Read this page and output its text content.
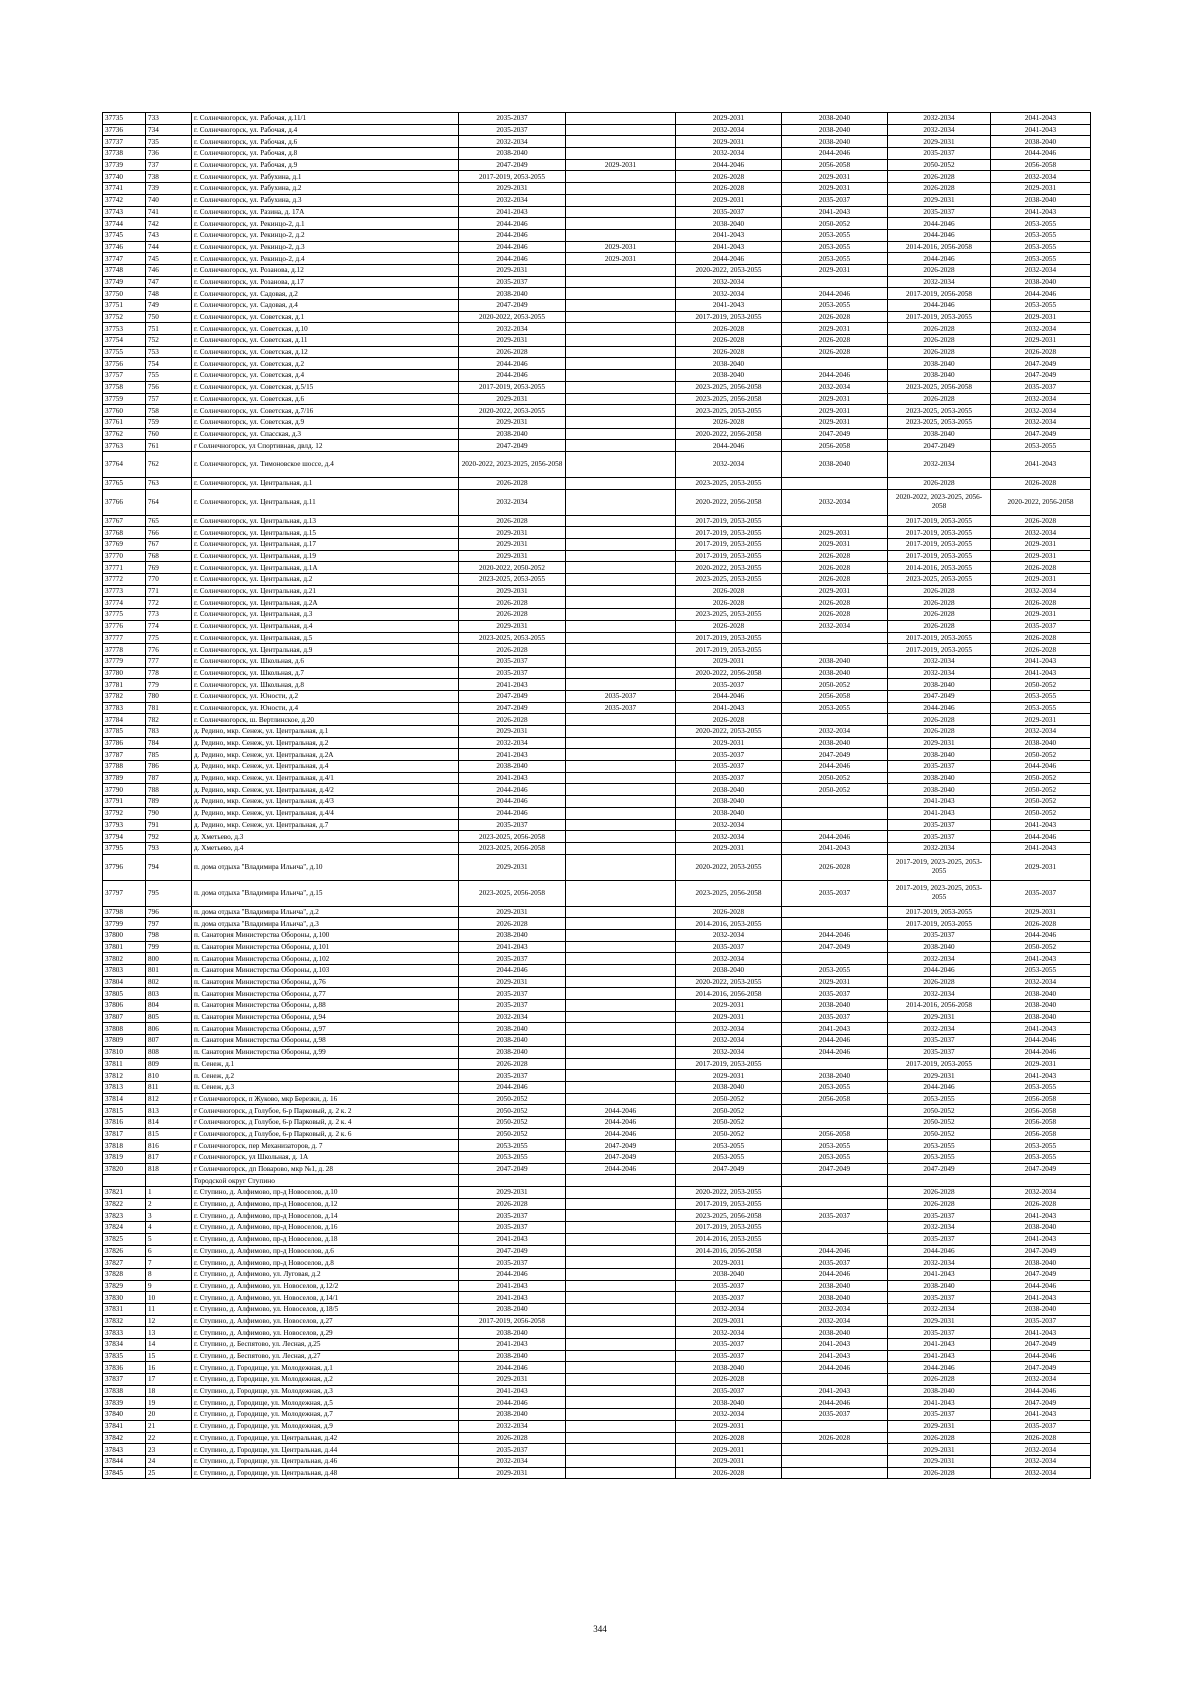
37735	733	г. Солнечногорск, ул. Рабочая, д.11/1	2035-2037		2029-2031	2038-2040	2032-2034	2041-2043
37736	734	г. Солнечногорск, ул. Рабочая, д.4	2035-2037		2032-2034	2038-2040	2032-2034	2041-2043
37737	735	г. Солнечногорск, ул. Рабочая, д.6	2032-2034		2029-2031	2038-2040	2029-2031	2038-2040
37738	736	г. Солнечногорск, ул. Рабочая, д.8	2038-2040		2032-2034	2044-2046	2035-2037	2044-2046
37739	737	г. Солнечногорск, ул. Рабочая, д.9	2047-2049	2029-2031	2044-2046	2056-2058	2050-2052	2056-2058
37740	738	г. Солнечногорск, ул. Рабухина, д.1	2017-2019, 2053-2055		2026-2028	2029-2031	2026-2028	2032-2034
37741	739	г. Солнечногорск, ул. Рабухина, д.2	2029-2031		2026-2028	2029-2031	2026-2028	2029-2031
37742	740	г. Солнечногорск, ул. Рабухина, д.3	2032-2034		2029-2031	2035-2037	2029-2031	2038-2040
37743	741	г. Солнечногорск, ул. Разина, д. 17А	2041-2043		2035-2037	2041-2043	2035-2037	2041-2043
37744	742	г. Солнечногорск, ул. Рекинцо-2, д.1	2044-2046		2038-2040	2050-2052	2044-2046	2053-2055
37745	743	г. Солнечногорск, ул. Рекинцо-2, д.2	2044-2046		2041-2043	2053-2055	2044-2046	2053-2055
37746	744	г. Солнечногорск, ул. Рекинцо-2, д.3	2044-2046	2029-2031	2041-2043	2053-2055	2014-2016, 2056-2058	2053-2055
37747	745	г. Солнечногорск, ул. Рекинцо-2, д.4	2044-2046	2029-2031	2044-2046	2053-2055	2044-2046	2053-2055
37748	746	г. Солнечногорск, ул. Розанова, д.12	2029-2031		2020-2022, 2053-2055	2029-2031	2026-2028	2032-2034
37749	747	г. Солнечногорск, ул. Розанова, д.17	2035-2037		2032-2034		2032-2034	2038-2040
37750	748	г. Солнечногорск, ул. Садовая, д.2	2038-2040		2032-2034	2044-2046	2017-2019, 2056-2058	2044-2046
37751	749	г. Солнечногорск, ул. Садовая, д.4	2047-2049		2041-2043	2053-2055	2044-2046	2053-2055
37752	750	г. Солнечногорск, ул. Советская, д.1	2020-2022, 2053-2055		2017-2019, 2053-2055	2026-2028	2017-2019, 2053-2055	2029-2031
37753	751	г. Солнечногорск, ул. Советская, д.10	2032-2034		2026-2028	2029-2031	2026-2028	2032-2034
37754	752	г. Солнечногорск, ул. Советская, д.11	2029-2031		2026-2028	2026-2028	2026-2028	2029-2031
37755	753	г. Солнечногорск, ул. Советская, д.12	2026-2028		2026-2028	2026-2028	2026-2028	2026-2028
37756	754	г. Солнечногорск, ул. Советская, д.2	2044-2046		2038-2040		2038-2040	2047-2049
37757	755	г. Солнечногорск, ул. Советская, д.4	2044-2046		2038-2040	2044-2046	2038-2040	2047-2049
37758	756	г. Солнечногорск, ул. Советская, д.5/15	2017-2019, 2053-2055		2023-2025, 2056-2058	2032-2034	2023-2025, 2056-2058	2035-2037
37759	757	г. Солнечногорск, ул. Советская, д.6	2029-2031		2023-2025, 2056-2058	2029-2031	2026-2028	2032-2034
37760	758	г. Солнечногорск, ул. Советская, д.7/16	2020-2022, 2053-2055		2023-2025, 2053-2055	2029-2031	2023-2025, 2053-2055	2032-2034
37761	759	г. Солнечногорск, ул. Советская, д.9	2029-2031		2026-2028	2029-2031	2023-2025, 2053-2055	2032-2034
37762	760	г. Солнечногорск, ул. Спасская, д.3	2038-2040		2020-2022, 2056-2058	2047-2049	2038-2040	2047-2049
37763	761	г Солнечногорск, ул Спортивная, двлд. 12	2047-2049		2044-2046	2056-2058	2047-2049	2053-2055
37764	762	г. Солнечногорск, ул. Тимоновское шоссе, д.4	2020-2022, 2023-2025, 2056-2058		2032-2034	2038-2040	2032-2034	2041-2043
37765	763	г. Солнечногорск, ул. Центральная, д.1	2026-2028		2023-2025, 2053-2055		2026-2028	2026-2028
37766	764	г. Солнечногорск, ул. Центральная, д.11	2032-2034		2020-2022, 2056-2058	2032-2034	2020-2022, 2023-2025, 2056-2058	2020-2022, 2056-2058
37767	765	г. Солнечногорск, ул. Центральная, д.13	2026-2028		2017-2019, 2053-2055		2017-2019, 2053-2055	2026-2028
37768	766	г. Солнечногорск, ул. Центральная, д.15	2029-2031		2017-2019, 2053-2055	2029-2031	2017-2019, 2053-2055	2032-2034
37769	767	г. Солнечногорск, ул. Центральная, д.17	2029-2031		2017-2019, 2053-2055	2029-2031	2017-2019, 2053-2055	2029-2031
37770	768	г. Солнечногорск, ул. Центральная, д.19	2029-2031		2017-2019, 2053-2055	2026-2028	2017-2019, 2053-2055	2029-2031
37771	769	г. Солнечногорск, ул. Центральная, д.1А	2020-2022, 2050-2052		2020-2022, 2053-2055	2026-2028	2014-2016, 2053-2055	2026-2028
37772	770	г. Солнечногорск, ул. Центральная, д.2	2023-2025, 2053-2055		2023-2025, 2053-2055	2026-2028	2023-2025, 2053-2055	2029-2031
37773	771	г. Солнечногорск, ул. Центральная, д.21	2029-2031		2026-2028	2029-2031	2026-2028	2032-2034
37774	772	г. Солнечногорск, ул. Центральная, д.2А	2026-2028		2026-2028	2026-2028	2026-2028	2026-2028
37775	773	г. Солнечногорск, ул. Центральная, д.3	2026-2028		2023-2025, 2053-2055	2026-2028	2026-2028	2029-2031
37776	774	г. Солнечногорск, ул. Центральная, д.4	2029-2031		2026-2028	2032-2034	2026-2028	2035-2037
37777	775	г. Солнечногорск, ул. Центральная, д.5	2023-2025, 2053-2055		2017-2019, 2053-2055		2017-2019, 2053-2055	2026-2028
37778	776	г. Солнечногорск, ул. Центральная, д.9	2026-2028		2017-2019, 2053-2055		2017-2019, 2053-2055	2026-2028
37779	777	г. Солнечногорск, ул. Школьная, д.6	2035-2037		2029-2031	2038-2040	2032-2034	2041-2043
37780	778	г. Солнечногорск, ул. Школьная, д.7	2035-2037		2020-2022, 2056-2058	2038-2040	2032-2034	2041-2043
37781	779	г. Солнечногорск, ул. Школьная, д.8	2041-2043		2035-2037	2050-2052	2038-2040	2050-2052
37782	780	г. Солнечногорск, ул. Юности, д.2	2047-2049	2035-2037	2044-2046	2056-2058	2047-2049	2053-2055
37783	781	г. Солнечногорск, ул. Юности, д.4	2047-2049	2035-2037	2041-2043	2053-2055	2044-2046	2053-2055
37784	782	г. Солнечногорск, ш. Вертлинское, д.20	2026-2028		2026-2028		2026-2028	2029-2031
37785	783	д. Редино, мкр. Сенеж, ул. Центральная, д.1	2029-2031		2020-2022, 2053-2055	2032-2034	2026-2028	2032-2034
37786	784	д. Редино, мкр. Сенеж, ул. Центральная, д.2	2032-2034		2029-2031	2038-2040	2029-2031	2038-2040
37787	785	д. Редино, мкр. Сенеж, ул. Центральная, д.2А	2041-2043		2035-2037	2047-2049	2038-2040	2050-2052
37788	786	д. Редино, мкр. Сенеж, ул. Центральная, д.4	2038-2040		2035-2037	2044-2046	2035-2037	2044-2046
37789	787	д. Редино, мкр. Сенеж, ул. Центральная, д.4/1	2041-2043		2035-2037	2050-2052	2038-2040	2050-2052
37790	788	д. Редино, мкр. Сенеж, ул. Центральная, д.4/2	2044-2046		2038-2040	2050-2052	2038-2040	2050-2052
37791	789	д. Редино, мкр. Сенеж, ул. Центральная, д.4/3	2044-2046		2038-2040		2041-2043	2050-2052
37792	790	д. Редино, мкр. Сенеж, ул. Центральная, д.4/4	2044-2046		2038-2040		2041-2043	2050-2052
37793	791	д. Редино, мкр. Сенеж, ул. Центральная, д.7	2035-2037		2032-2034		2035-2037	2041-2043
37794	792	д. Хметьево, д.3	2023-2025, 2056-2058		2032-2034	2044-2046	2035-2037	2044-2046
37795	793	д. Хметьево, д.4	2023-2025, 2056-2058		2029-2031	2041-2043	2032-2034	2041-2043
37796	794	п. дома отдыха "Владимира Ильича", д.10	2029-2031		2020-2022, 2053-2055	2026-2028	2017-2019, 2023-2025, 2053-2055	2029-2031
37797	795	п. дома отдыха "Владимира Ильича", д.15	2023-2025, 2056-2058		2023-2025, 2056-2058	2035-2037	2017-2019, 2023-2025, 2053-2055	2035-2037
37798	796	п. дома отдыха "Владимира Ильича", д.2	2029-2031		2026-2028		2017-2019, 2053-2055	2029-2031
37799	797	п. дома отдыха "Владимира Ильича", д.3	2026-2028		2014-2016, 2053-2055		2017-2019, 2053-2055	2026-2028
37800	798	п. Санатория Министерства Обороны, д.100	2038-2040		2032-2034	2044-2046	2035-2037	2044-2046
37801	799	п. Санатория Министерства Обороны, д.101	2041-2043		2035-2037	2047-2049	2038-2040	2050-2052
37802	800	п. Санатория Министерства Обороны, д.102	2035-2037		2032-2034		2032-2034	2041-2043
37803	801	п. Санатория Министерства Обороны, д.103	2044-2046		2038-2040	2053-2055	2044-2046	2053-2055
37804	802	п. Санатория Министерства Обороны, д.76	2029-2031		2020-2022, 2053-2055	2029-2031	2026-2028	2032-2034
37805	803	п. Санатория Министерства Обороны, д.77	2035-2037		2014-2016, 2056-2058	2035-2037	2032-2034	2038-2040
37806	804	п. Санатория Министерства Обороны, д.88	2035-2037		2029-2031	2038-2040	2014-2016, 2056-2058	2038-2040
37807	805	п. Санатория Министерства Обороны, д.94	2032-2034		2029-2031	2035-2037	2029-2031	2038-2040
37808	806	п. Санатория Министерства Обороны, д.97	2038-2040		2032-2034	2041-2043	2032-2034	2041-2043
37809	807	п. Санатория Министерства Обороны, д.98	2038-2040		2032-2034	2044-2046	2035-2037	2044-2046
37810	808	п. Санатория Министерства Обороны, д.99	2038-2040		2032-2034	2044-2046	2035-2037	2044-2046
37811	809	п. Сенеж, д.1	2026-2028		2017-2019, 2053-2055		2017-2019, 2053-2055	2029-2031
37812	810	п. Сенеж, д.2	2035-2037		2029-2031	2038-2040	2029-2031	2041-2043
37813	811	п. Сенеж, д.3	2044-2046		2038-2040	2053-2055	2044-2046	2053-2055
37814	812	г Солнечногорск, п Жуково, мкр Березки, д. 16	2050-2052		2050-2052	2056-2058	2053-2055	2056-2058
37815	813	г Солнечногорск, д Голубое, 6-р Парковый, д. 2 к. 2	2050-2052	2044-2046	2050-2052		2050-2052	2056-2058
37816	814	г Солнечногорск, д Голубое, 6-р Парковый, д. 2 к. 4	2050-2052	2044-2046	2050-2052		2050-2052	2056-2058
37817	815	г Солнечногорск, д Голубое, 6-р Парковый, д. 2 к. 6	2050-2052	2044-2046	2050-2052	2056-2058	2050-2052	2056-2058
37818	816	г Солнечногорск, пер Механизаторов, д. 7	2053-2055	2047-2049	2053-2055	2053-2055	2053-2055	2053-2055
37819	817	г Солнечногорск, ул Школьная, д. 1А	2053-2055	2047-2049	2053-2055	2053-2055	2053-2055	2053-2055
37820	818	г Солнечногорск, дп Поварово, мкр №1, д. 28	2047-2049	2044-2046	2047-2049	2047-2049	2047-2049	2047-2049
		Городской округ Ступино						
37821	1	г. Ступино, д. Алфимово, пр-д Новоселов, д.10	2029-2031		2020-2022, 2053-2055		2026-2028	2032-2034
37822	2	г. Ступино, д. Алфимово, пр-д Новоселов, д.12	2026-2028		2017-2019, 2053-2055		2026-2028	2026-2028
37823	3	г. Ступино, д. Алфимово, пр-д Новоселов, д.14	2035-2037		2023-2025, 2056-2058	2035-2037	2035-2037	2041-2043
37824	4	г. Ступино, д. Алфимово, пр-д Новоселов, д.16	2035-2037		2017-2019, 2053-2055		2032-2034	2038-2040
37825	5	г. Ступино, д. Алфимово, пр-д Новоселов, д.18	2041-2043		2014-2016, 2053-2055		2035-2037	2041-2043
37826	6	г. Ступино, д. Алфимово, пр-д Новоселов, д.6	2047-2049		2014-2016, 2056-2058	2044-2046	2044-2046	2047-2049
37827	7	г. Ступино, д. Алфимово, пр-д Новоселов, д.8	2035-2037		2029-2031	2035-2037	2032-2034	2038-2040
37828	8	г. Ступино, д. Алфимово, ул. Луговая, д.2	2044-2046		2038-2040	2044-2046	2041-2043	2047-2049
37829	9	г. Ступино, д. Алфимово, ул. Новоселов, д.12/2	2041-2043		2035-2037	2038-2040	2038-2040	2044-2046
37830	10	г. Ступино, д. Алфимово, ул. Новоселов, д.14/1	2041-2043		2035-2037	2038-2040	2035-2037	2041-2043
37831	11	г. Ступино, д. Алфимово, ул. Новоселов, д.18/5	2038-2040		2032-2034	2032-2034	2032-2034	2038-2040
37832	12	г. Ступино, д. Алфимово, ул. Новоселов, д.27	2017-2019, 2056-2058		2029-2031	2032-2034	2029-2031	2035-2037
37833	13	г. Ступино, д. Алфимово, ул. Новоселов, д.29	2038-2040		2032-2034	2038-2040	2035-2037	2041-2043
37834	14	г. Ступино, д. Беспятово, ул. Лесная, д.25	2041-2043		2035-2037	2041-2043	2041-2043	2047-2049
37835	15	г. Ступино, д. Беспятово, ул. Лесная, д.27	2038-2040		2035-2037	2041-2043	2041-2043	2044-2046
37836	16	г. Ступино, д. Городище, ул. Молодежная, д.1	2044-2046		2038-2040	2044-2046	2044-2046	2047-2049
37837	17	г. Ступино, д. Городище, ул. Молодежная, д.2	2029-2031		2026-2028		2026-2028	2032-2034
37838	18	г. Ступино, д. Городище, ул. Молодежная, д.3	2041-2043		2035-2037	2041-2043	2038-2040	2044-2046
37839	19	г. Ступино, д. Городище, ул. Молодежная, д.5	2044-2046		2038-2040	2044-2046	2041-2043	2047-2049
37840	20	г. Ступино, д. Городище, ул. Молодежная, д.7	2038-2040		2032-2034	2035-2037	2035-2037	2041-2043
37841	21	г. Ступино, д. Городище, ул. Молодежная, д.9	2032-2034		2029-2031		2029-2031	2035-2037
37842	22	г. Ступино, д. Городище, ул. Центральная, д.42	2026-2028		2026-2028	2026-2028	2026-2028	2026-2028
37843	23	г. Ступино, д. Городище, ул. Центральная, д.44	2035-2037		2029-2031		2029-2031	2032-2034
37844	24	г. Ступино, д. Городище, ул. Центральная, д.46	2032-2034		2029-2031		2029-2031	2032-2034
37845	25	г. Ступино, д. Городище, ул. Центральная, д.48	2029-2031		2026-2028		2026-2028	2032-2034
344
